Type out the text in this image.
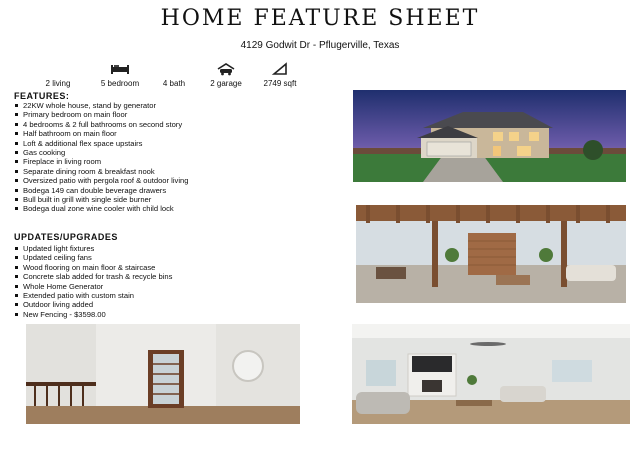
HOME FEATURE SHEET
4129 Godwit Dr - Pflugerville, Texas
2 living	5 bedroom	4 bath	2 garage	2749 sqft
FEATURES:
22KW whole house, stand by generator
Primary bedroom on main floor
4 bedrooms & 2 full bathrooms on second story
Half bathroom on main floor
Loft & additional flex space upstairs
Gas cooking
Fireplace in living room
Separate dining room & breakfast nook
Oversized patio with pergola roof & outdoor living
Bodega 149 can double beverage drawers
Bull built in grill with single side burner
Bodega dual zone wine cooler with child lock
UPDATES/UPGRADES
Updated light fixtures
Updated ceiling fans
Wood flooring on main floor & staircase
Concrete slab added for trash & recycle bins
Whole Home Generator
Extended patio with custom stain
Outdoor living added
New Fencing - $3598.00
